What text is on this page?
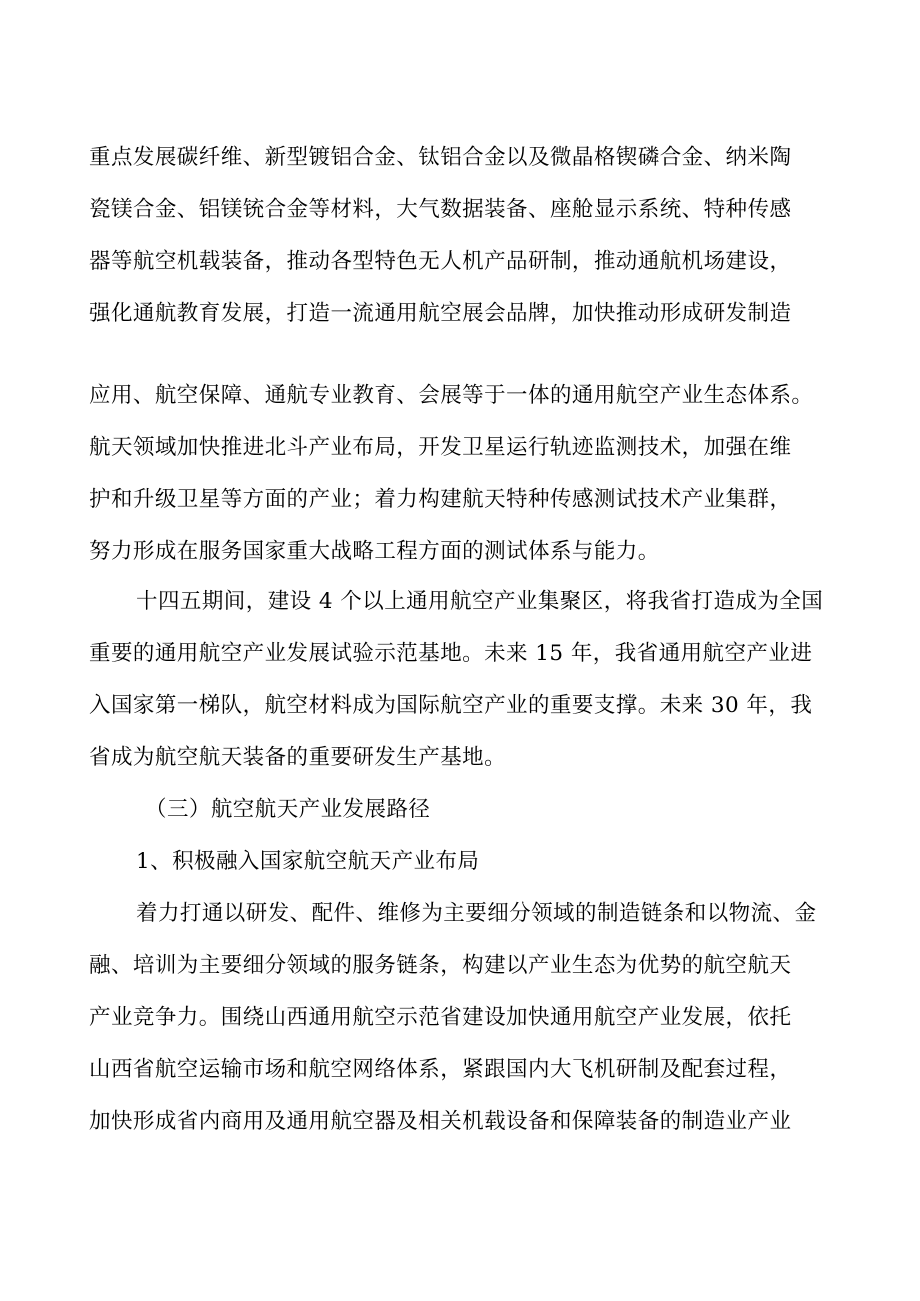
重点发展碳纤维、新型镀铝合金、钛铝合金以及微晶格锲磷合金、纳米陶
瓷镁合金、铝镁铳合金等材料，大气数据装备、座舱显示系统、特种传感
器等航空机载装备，推动各型特色无人机产品研制，推动通航机场建设，
强化通航教育发展，打造一流通用航空展会品牌，加快推动形成研发制造
应用、航空保障、通航专业教育、会展等于一体的通用航空产业生态体系。
航天领域加快推进北斗产业布局，开发卫星运行轨迹监测技术，加强在维
护和升级卫星等方面的产业；着力构建航天特种传感测试技术产业集群，
努力形成在服务国家重大战略工程方面的测试体系与能力。
十四五期间，建设 4 个以上通用航空产业集聚区，将我省打造成为全国
重要的通用航空产业发展试验示范基地。未来 15 年，我省通用航空产业进
入国家第一梯队，航空材料成为国际航空产业的重要支撑。未来 30 年，我
省成为航空航天装备的重要研发生产基地。
（三）航空航天产业发展路径
1、积极融入国家航空航天产业布局
着力打通以研发、配件、维修为主要细分领域的制造链条和以物流、金
融、培训为主要细分领域的服务链条，构建以产业生态为优势的航空航天
产业竞争力。围绕山西通用航空示范省建设加快通用航空产业发展，依托
山西省航空运输市场和航空网络体系，紧跟国内大飞机研制及配套过程，
加快形成省内商用及通用航空器及相关机载设备和保障装备的制造业产业
